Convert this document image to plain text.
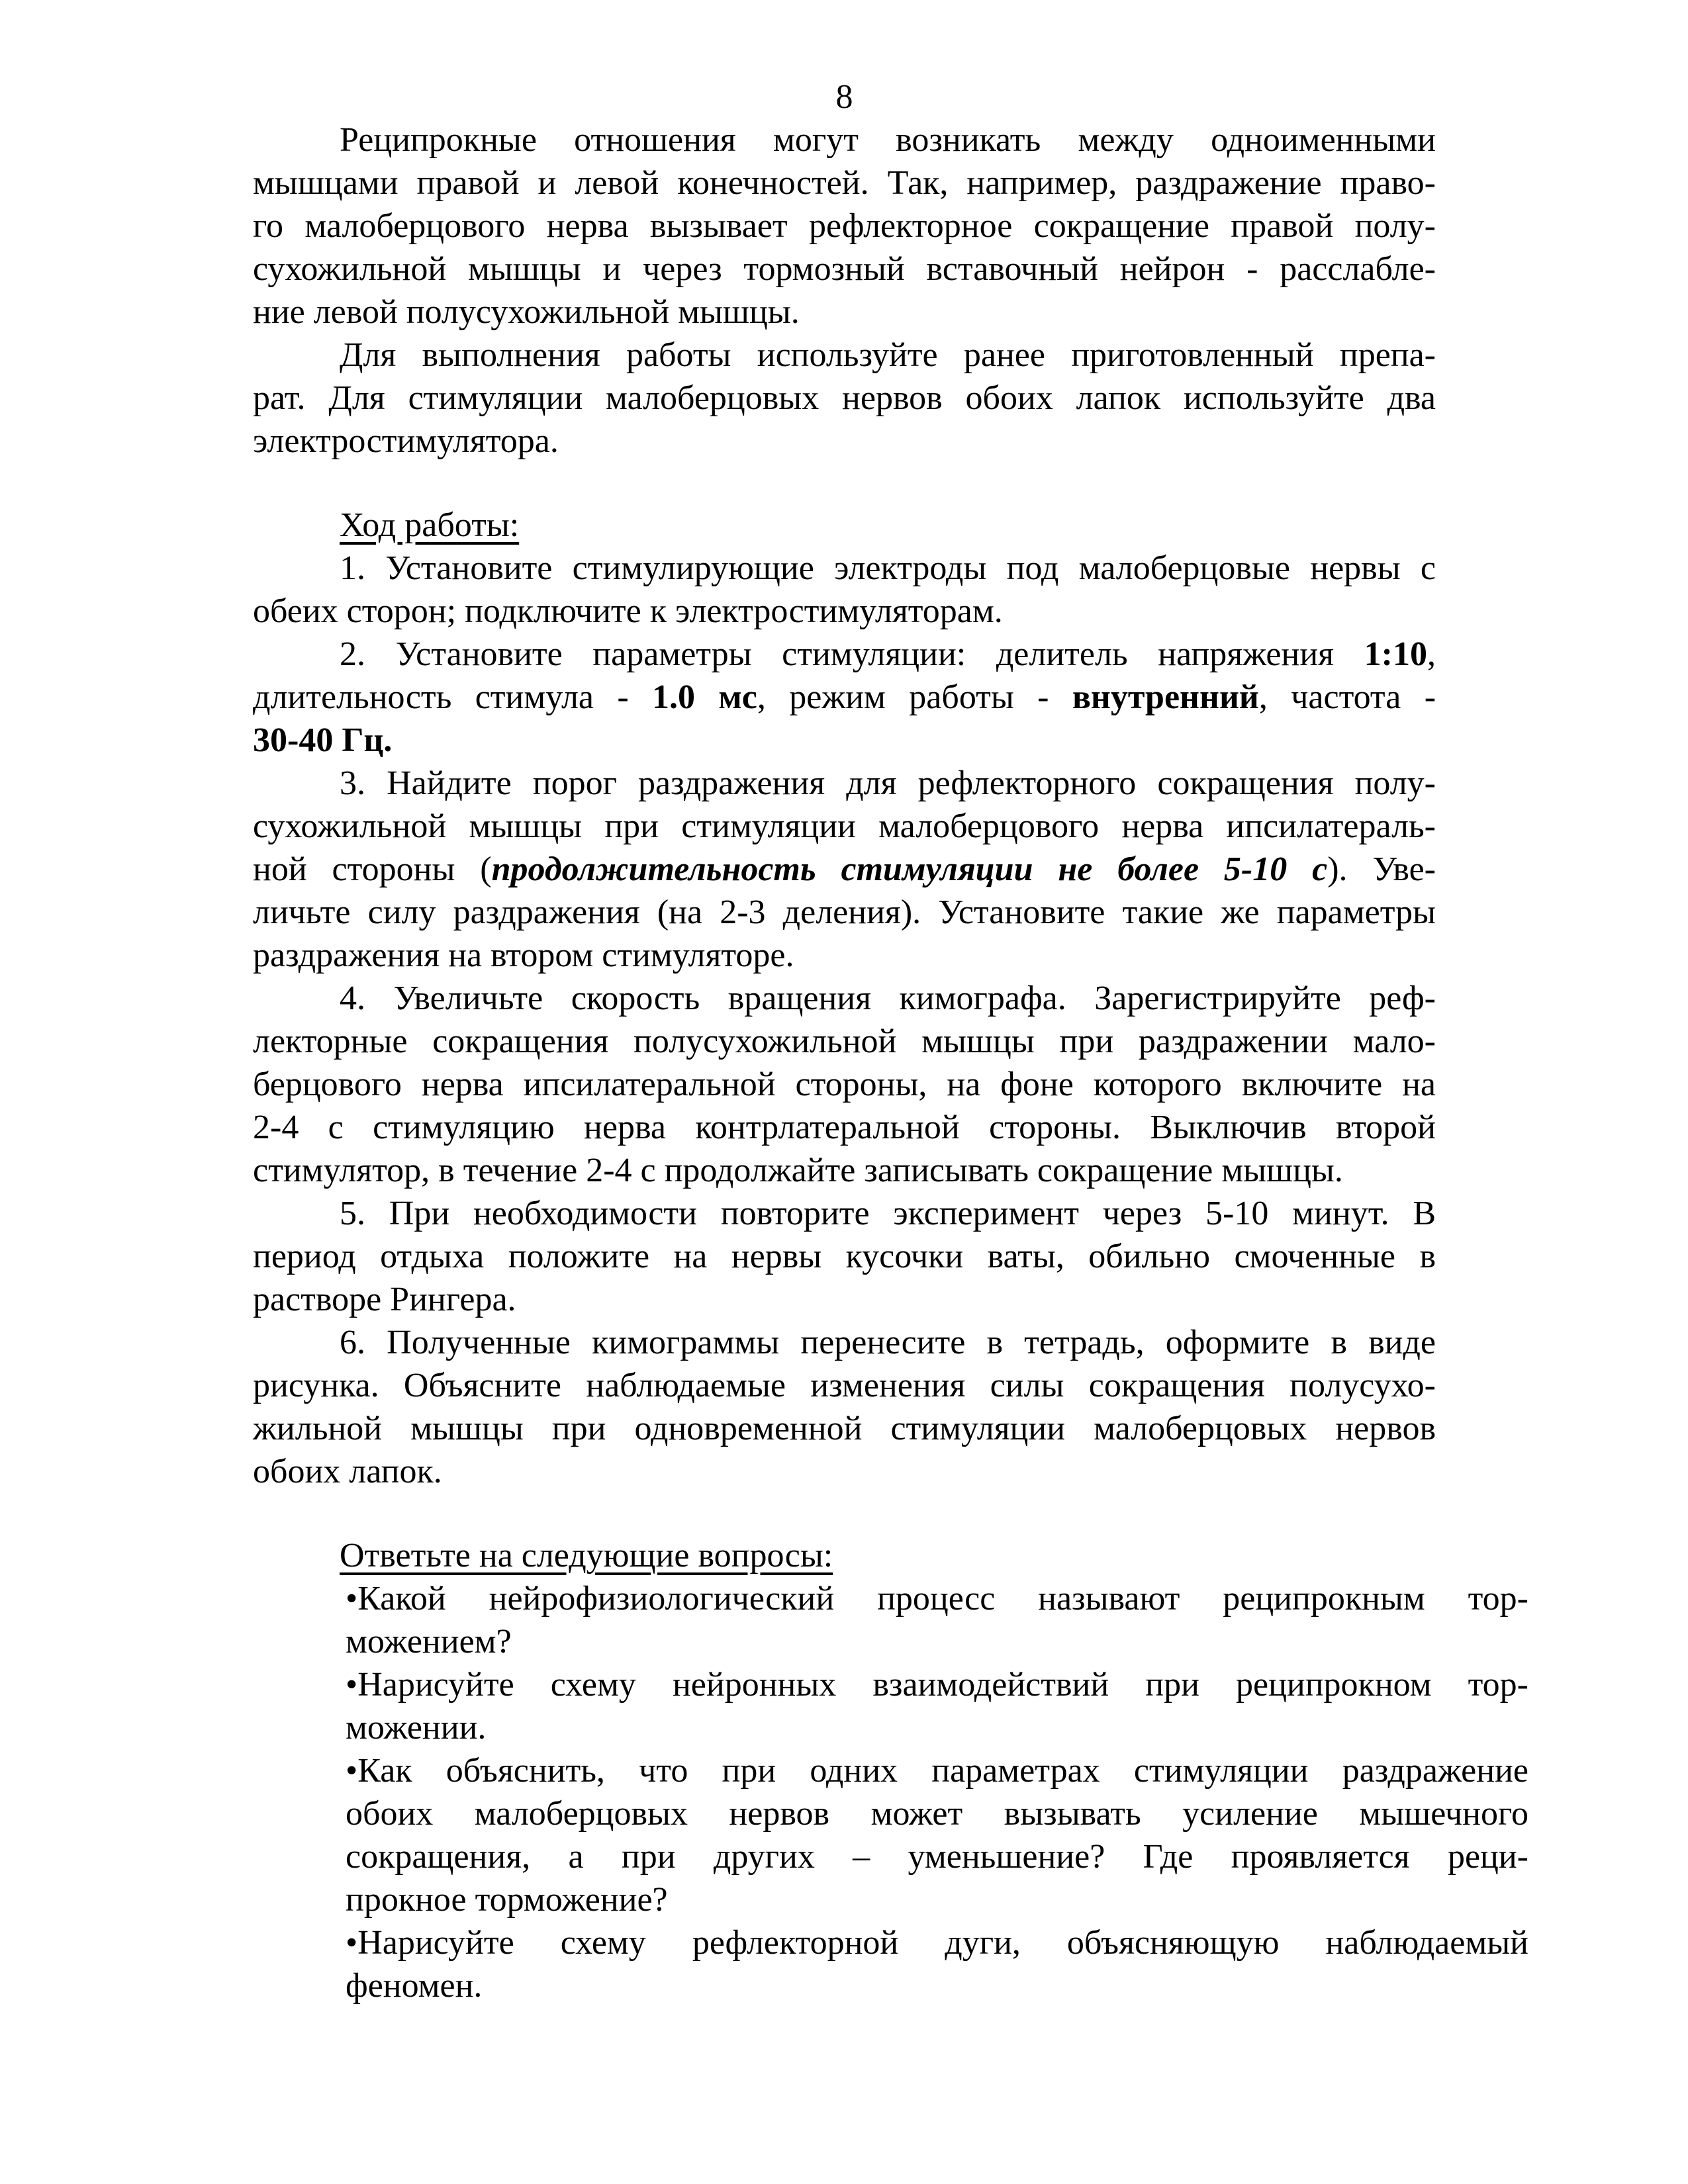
8
Реципрокные отношения могут возникать между одноименными
мышцами правой и левой конечностей. Так, например, раздражение право-
го малоберцового нерва вызывает рефлекторное сокращение правой полу-
сухожильной мышцы и через тормозный вставочный нейрон - расслабле-
ние левой полусухожильной мышцы.
Для выполнения работы используйте ранее приготовленный препа-
рат. Для стимуляции малоберцовых нервов обоих лапок используйте два
электростимулятора.
Ход работы:
1. Установите стимулирующие электроды под малоберцовые нервы с
обеих сторон; подключите к электростимуляторам.
2. Установите параметры стимуляции: делитель напряжения 1:10,
длительность стимула - 1.0 мс, режим работы - внутренний, частота -
30-40 Гц.
3. Найдите порог раздражения для рефлекторного сокращения полу-
сухожильной мышцы при стимуляции малоберцового нерва ипсилатераль-
ной стороны (продолжительность стимуляции не более 5-10 с). Уве-
личьте силу раздражения (на 2-3 деления). Установите такие же параметры
раздражения на втором стимуляторе.
4. Увеличьте скорость вращения кимографа. Зарегистрируйте реф-
лекторные сокращения полусухожильной мышцы при раздражении мало-
берцового нерва ипсилатеральной стороны, на фоне которого включите на
2-4 с стимуляцию нерва контрлатеральной стороны. Выключив второй
стимулятор, в течение 2-4 с продолжайте записывать сокращение мышцы.
5. При необходимости повторите эксперимент через 5-10 минут. В
период отдыха положите на нервы кусочки ваты, обильно смоченные в
растворе Рингера.
6. Полученные кимограммы перенесите в тетрадь, оформите в виде
рисунка. Объясните наблюдаемые изменения силы сокращения полусухо-
жильной мышцы при одновременной стимуляции малоберцовых нервов
обоих лапок.
Ответьте на следующие вопросы:
•Какой нейрофизиологический процесс называют реципрокным тор-
можением?
•Нарисуйте схему нейронных взаимодействий при реципрокном тор-
можении.
•Как объяснить, что при одних параметрах стимуляции раздражение
обоих малоберцовых нервов может вызывать усиление мышечного
сокращения, а при других – уменьшение? Где проявляется реци-
прокное торможение?
•Нарисуйте схему рефлекторной дуги, объясняющую наблюдаемый
феномен.
